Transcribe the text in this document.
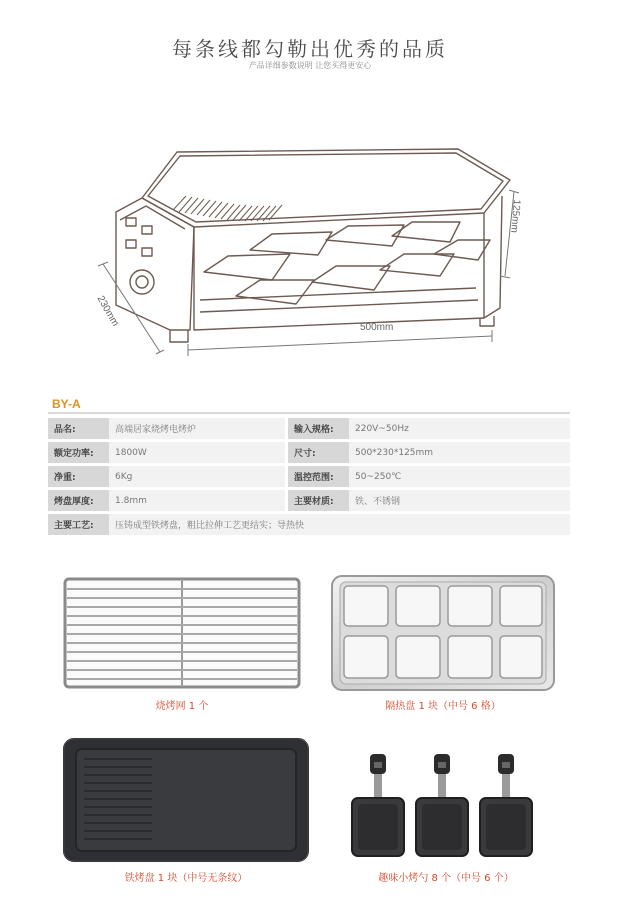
每条线都勾勒出优秀的品质
产品详细参数说明 让您买得更安心
500mm
230mm
125mm
BY-A
品名:	高端居家烧烤电烤炉	输入规格:	220V~50Hz
额定功率:	1800W	尺寸:	500*230*125mm
净重:	6Kg	温控范围:	50~250℃
烤盘厚度:	1.8mm	主要材质:	铁、不锈钢
主要工艺:	压铸成型铁烤盘，粗比拉伸工艺更结实；导热快		
烧烤网 1 个	隔热盘 1 块（中号 6 格）
铁烤盘 1 块（中号无条纹）	趣味小烤勺 8 个（中号 6 个）
